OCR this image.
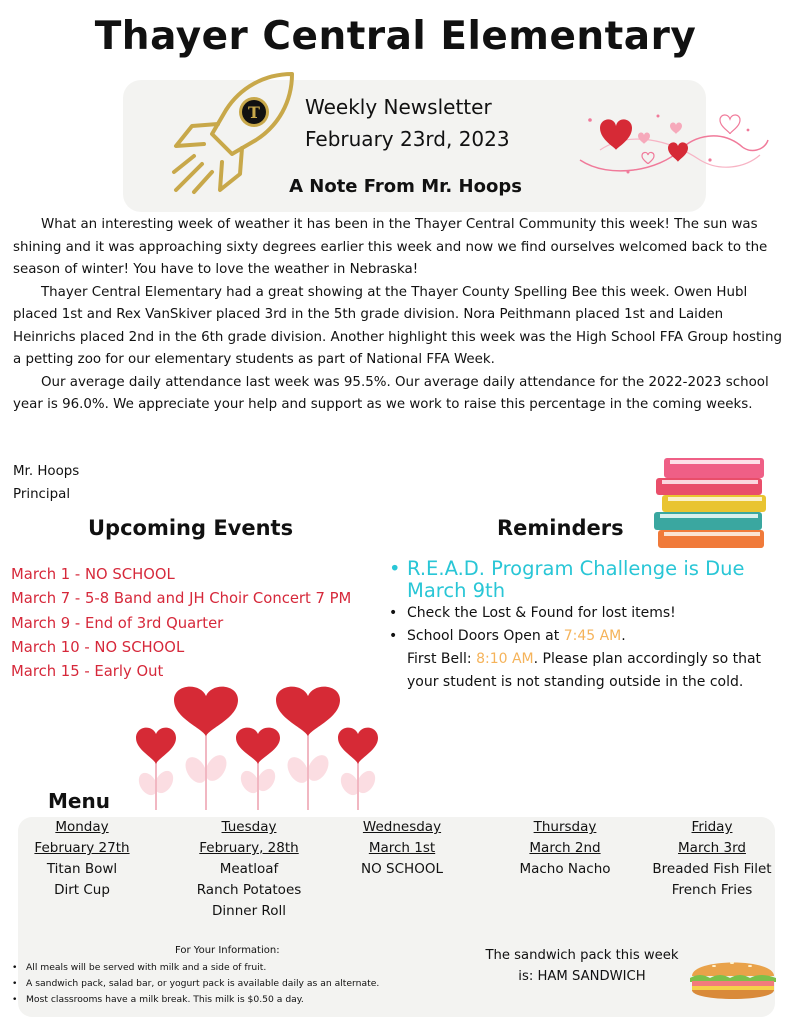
Thayer Central Elementary
T Weekly Newsletter
February 23rd, 2023
A Note From Mr. Hoops

What an interesting week of weather it has been in the Thayer Central Community this week! The sun was shining and it was approaching sixty degrees earlier this week and now we find ourselves welcomed back to the season of winter! You have to love the weather in Nebraska!

Thayer Central Elementary had a great showing at the Thayer County Spelling Bee this week. Owen Hubl placed 1st and Rex VanSkiver placed 3rd in the 5th grade division. Nora Peithmann placed 1st and Laiden Heinrichs placed 2nd in the 6th grade division. Another highlight this week was the High School FFA Group hosting a petting zoo for our elementary students as part of National FFA Week.

Our average daily attendance last week was 95.5%. Our average daily attendance for the 2022-2023 school year is 96.0%. We appreciate your help and support as we work to raise this percentage in the coming weeks.

Mr. Hoops
Principal
Upcoming Events	Reminders
March 1 - NO SCHOOL
March 7 - 5-8 Band and JH Choir Concert 7 PM
March 9 - End of 3rd Quarter
March 10 - NO SCHOOL
March 15 - Early Out
• R.E.A.D. Program Challenge is Due March 9th
• Check the Lost & Found for lost items!
• School Doors Open at 7:45 AM.
First Bell: 8:10 AM. Please plan accordingly so that your student is not standing outside in the cold.
Menu
Monday
February 27th
Titan Bowl
Dirt Cup
Tuesday
February, 28th
Meatloaf
Ranch Potatoes
Dinner Roll
Wednesday
March 1st
NO SCHOOL
Thursday
March 2nd
Macho Nacho
Friday
March 3rd
Breaded Fish Filet
French Fries
For Your Information:
• All meals will be served with milk and a side of fruit.
• A sandwich pack, salad bar, or yogurt pack is available daily as an alternate.
• Most classrooms have a milk break. This milk is $0.50 a day.
The sandwich pack this week
is: HAM SANDWICH
